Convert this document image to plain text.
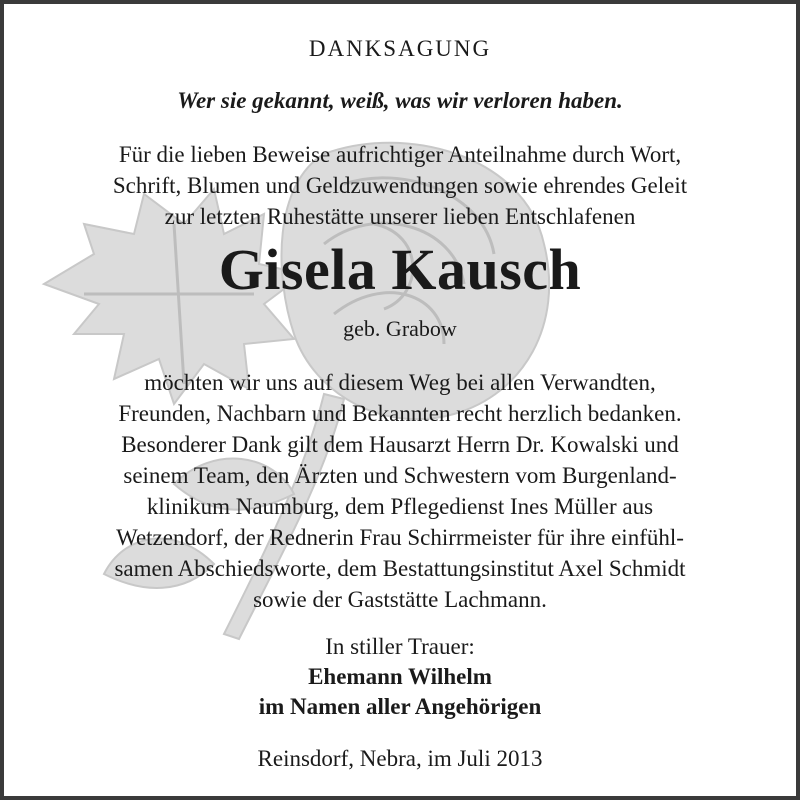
DANKSAGUNG
Wer sie gekannt, weiß, was wir verloren haben.
Für die lieben Beweise aufrichtiger Anteilnahme durch Wort,
Schrift, Blumen und Geldzuwendungen sowie ehrendes Geleit
zur letzten Ruhestätte unserer lieben Entschlafenen
Gisela Kausch
geb. Grabow
möchten wir uns auf diesem Weg bei allen Verwandten,
Freunden, Nachbarn und Bekannten recht herzlich bedanken.
Besonderer Dank gilt dem Hausarzt Herrn Dr. Kowalski und
seinem Team, den Ärzten und Schwestern vom Burgenland-
klinikum Naumburg, dem Pflegedienst Ines Müller aus
Wetzendorf, der Rednerin Frau Schirrmeister für ihre einfühl-
samen Abschiedsworte, dem Bestattungsinstitut Axel Schmidt
sowie der Gaststätte Lachmann.
In stiller Trauer:
Ehemann Wilhelm
im Namen aller Angehörigen
Reinsdorf, Nebra, im Juli 2013
